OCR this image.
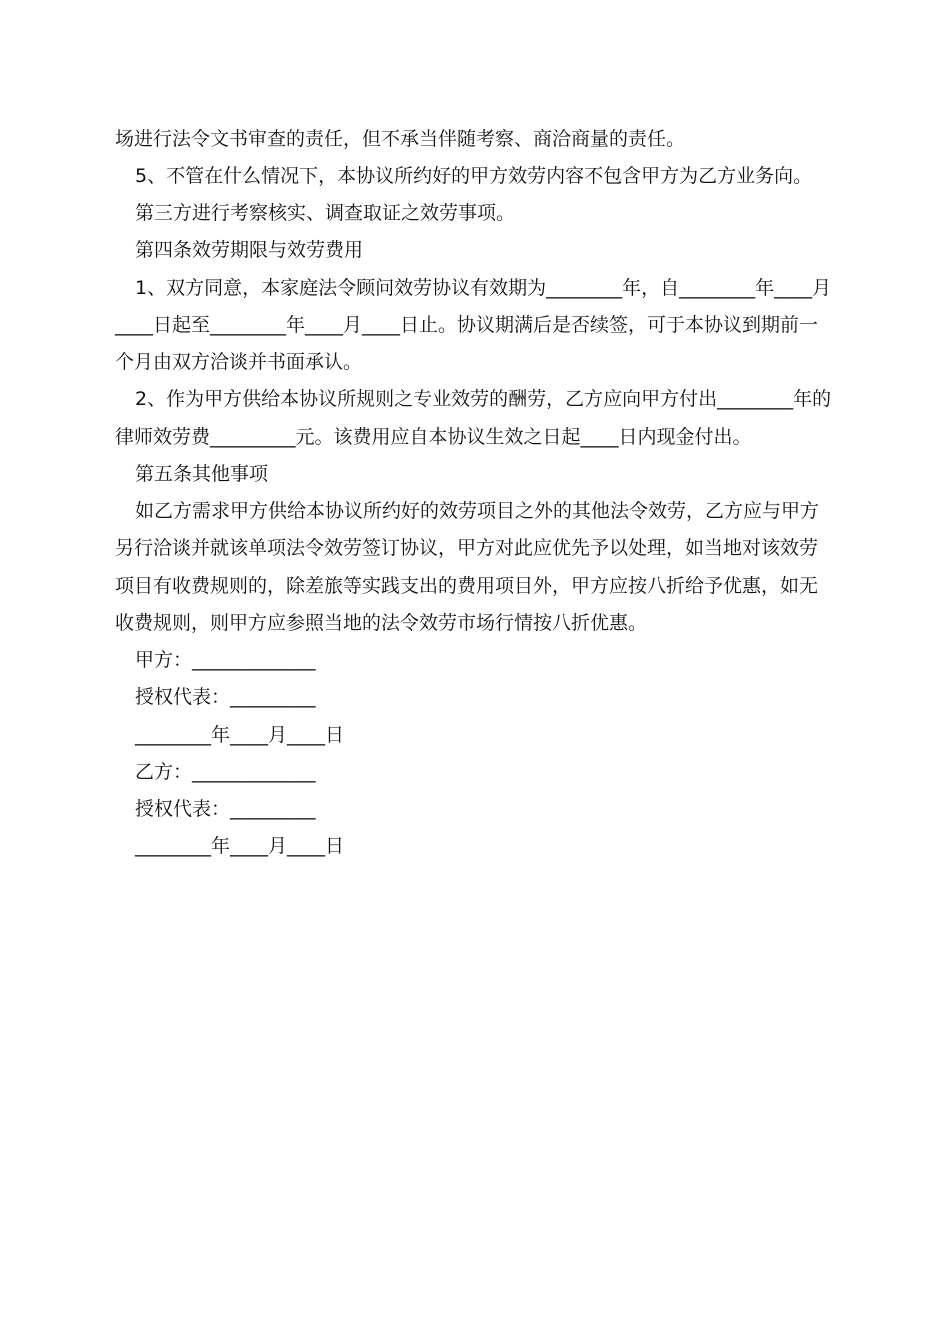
场进行法令文书审查的责任，但不承当伴随考察、商洽商量的责任。
5、不管在什么情况下，本协议所约好的甲方效劳内容不包含甲方为乙方业务向。
第三方进行考察核实、调查取证之效劳事项。
第四条效劳期限与效劳费用
1、双方同意，本家庭法令顾问效劳协议有效期为________年，自________年____月
____日起至________年____月____日止。协议期满后是否续签，可于本协议到期前一
个月由双方洽谈并书面承认。
2、作为甲方供给本协议所规则之专业效劳的酬劳，乙方应向甲方付出________年的
律师效劳费_________元。该费用应自本协议生效之日起____日内现金付出。
第五条其他事项
如乙方需求甲方供给本协议所约好的效劳项目之外的其他法令效劳，乙方应与甲方
另行洽谈并就该单项法令效劳签订协议，甲方对此应优先予以处理，如当地对该效劳
项目有收费规则的，除差旅等实践支出的费用项目外，甲方应按八折给予优惠，如无
收费规则，则甲方应参照当地的法令效劳市场行情按八折优惠。
甲方：_____________
授权代表：_________
________年____月____日
乙方：_____________
授权代表：_________
________年____月____日
